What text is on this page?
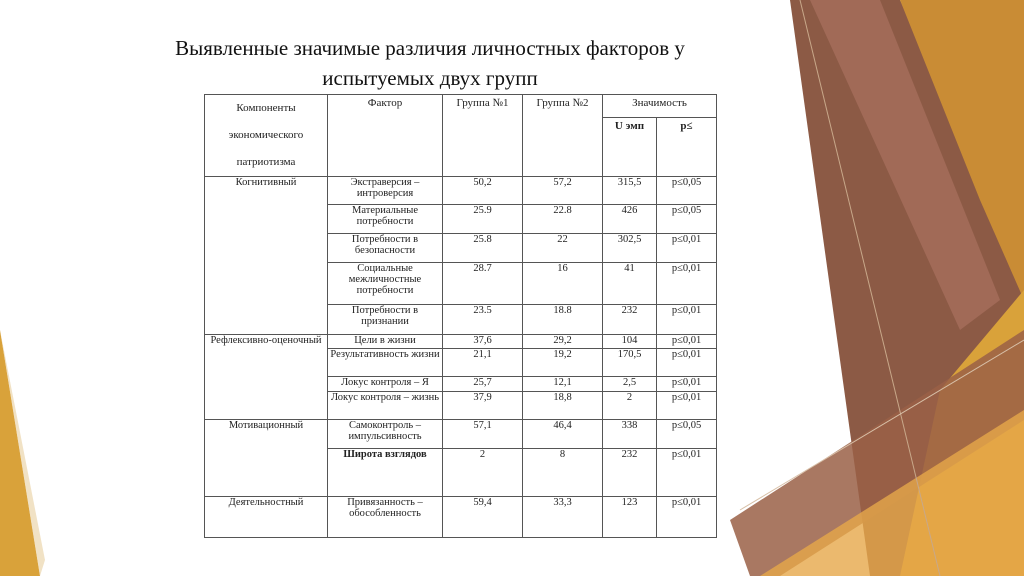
Выявленные значимые различия личностных факторов у

испытуемых двух групп
Компоненты экономического патриотизма	Фактор	Группа №1	Группа №2	Значимость	
				U эмп	p≤
Когнитивный	Экстраверсия – интроверсия	50,2	57,2	315,5	p≤0,05
	Материальные потребности	25.9	22.8	426	p≤0,05
	Потребности в безопасности	25.8	22	302,5	p≤0,01
	Социальные межличностные потребности	28.7	16	41	p≤0,01
	Потребности в признании	23.5	18.8	232	p≤0,01
Рефлексивно-оценочный	Цели в жизни	37,6	29,2	104	p≤0,01
	Результативность жизни	21,1	19,2	170,5	p≤0,01
	Локус контроля – Я	25,7	12,1	2,5	p≤0,01
	Локус контроля – жизнь	37,9	18,8	2	p≤0,01
Мотивационный	Самоконтроль – импульсивность	57,1	46,4	338	p≤0,05
	Широта взглядов	2	8	232	p≤0,01
Деятельностный	Привязанность – обособленность	59,4	33,3	123	p≤0,01
